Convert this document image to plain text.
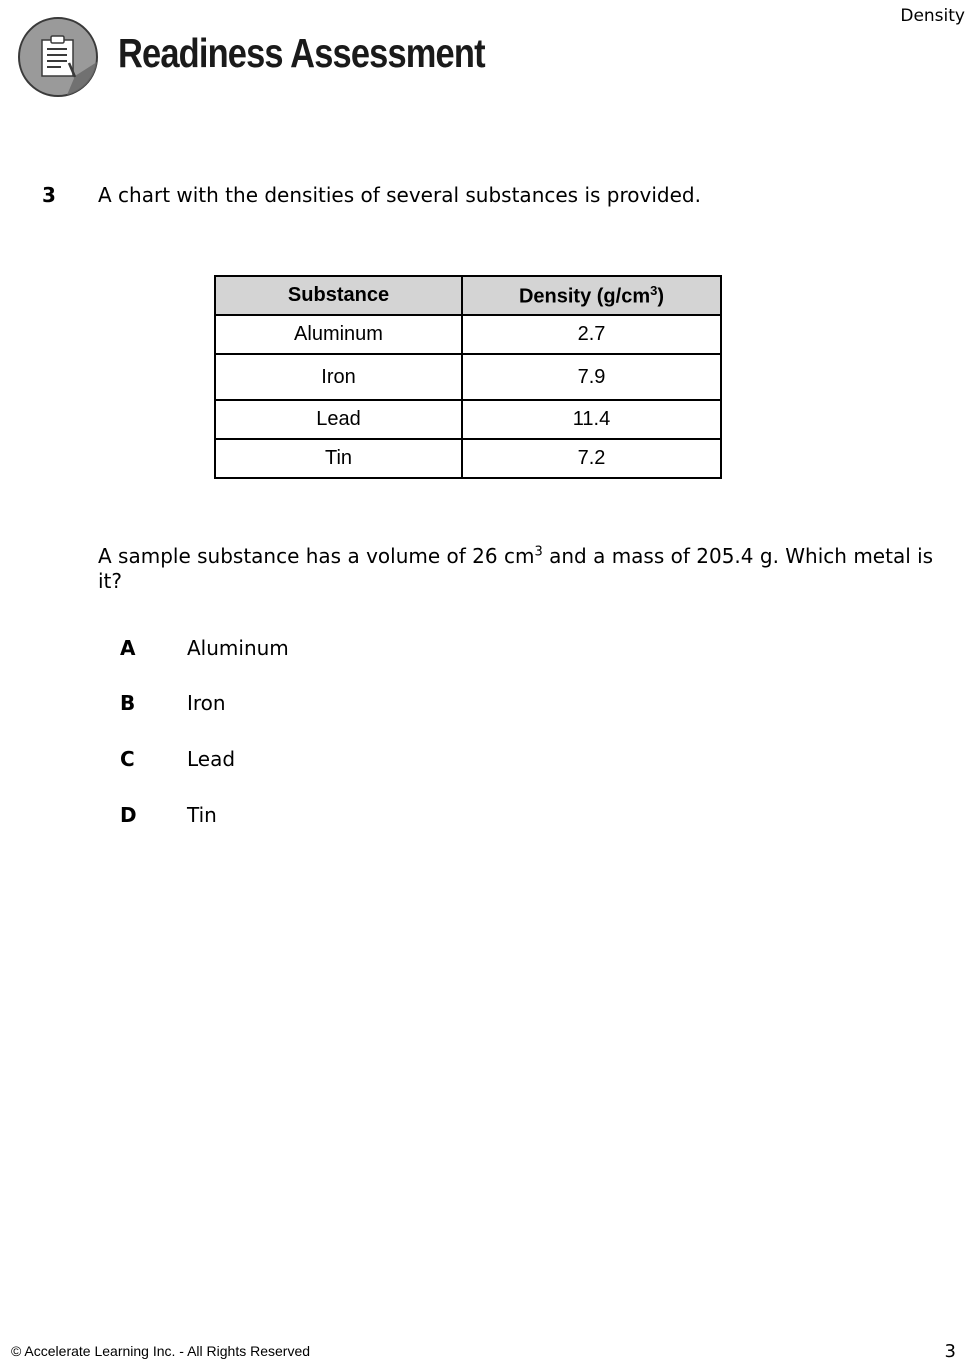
Density
Readiness Assessment
3 A chart with the densities of several substances is provided.
Substance	Density $(g/cm^3)$
Aluminum	2.7
Iron	7.9
Lead	11.4
Tin	7.2
A sample substance has a volume of 26 $cm^3$ and a mass of 205.4 g. Which metal is it?
A	Aluminum
B	Iron
C	Lead
D	Tin
© Accelerate Learning Inc. - All Rights Reserved	3
